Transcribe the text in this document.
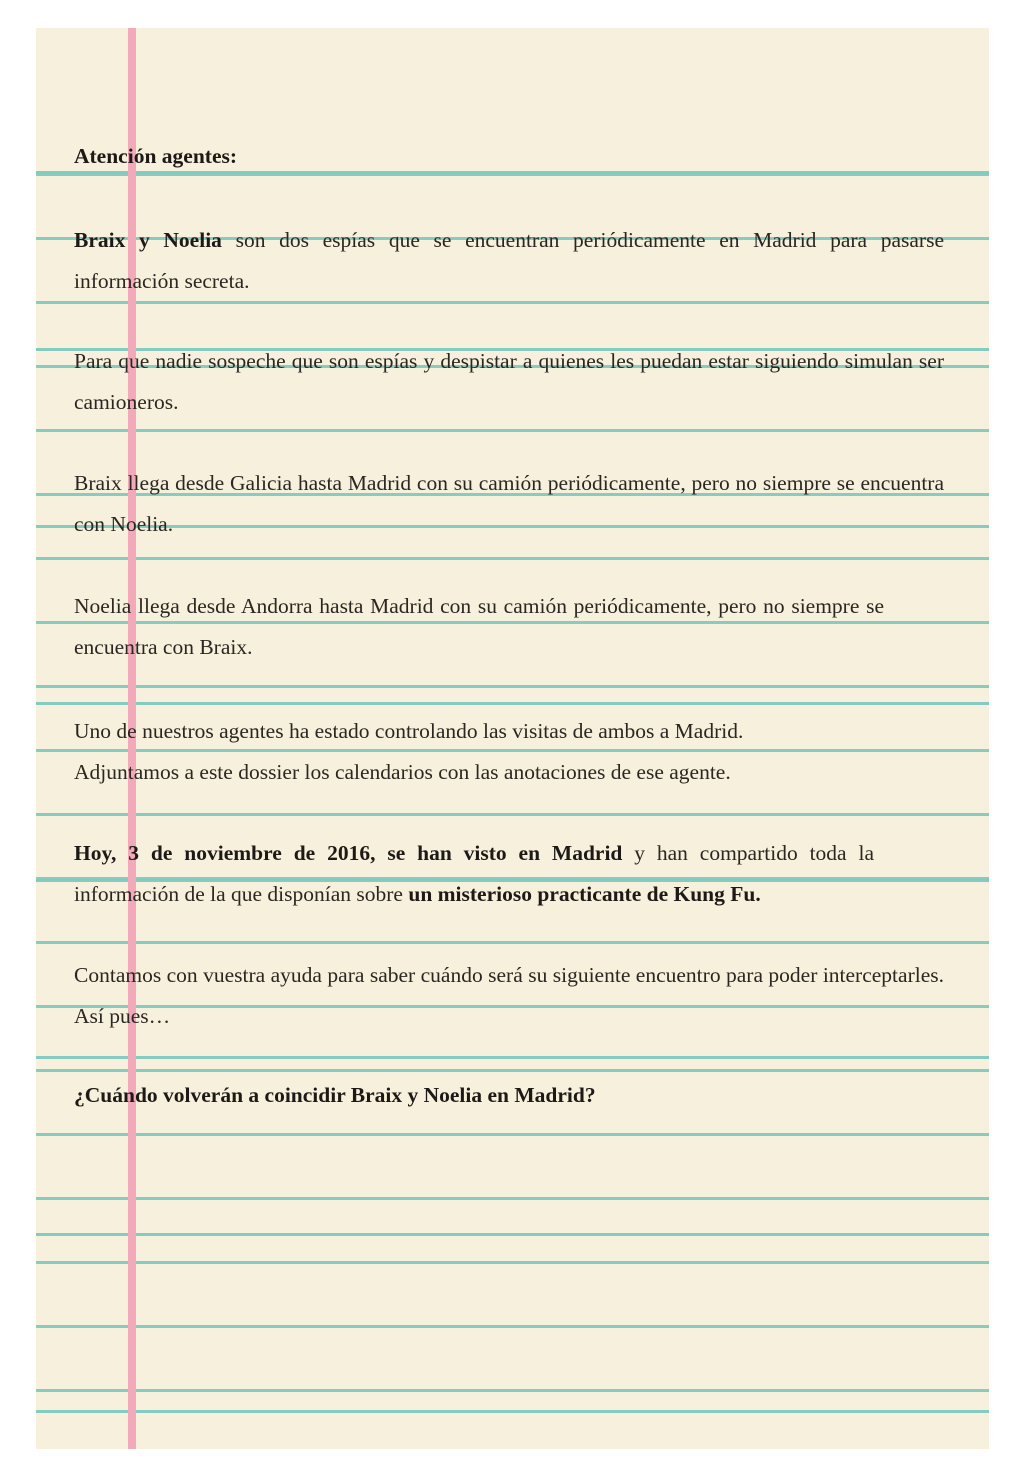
Atención agentes:

Braix y Noelia son dos espías que se encuentran periódicamente en Madrid para pasarse información secreta.

Para que nadie sospeche que son espías y despistar a quienes les puedan estar siguiendo simulan ser camioneros.

Braix llega desde Galicia hasta Madrid con su camión periódicamente, pero no siempre se encuentra con Noelia.

Noelia llega desde Andorra hasta Madrid con su camión periódicamente, pero no siempre se encuentra con Braix.

Uno de nuestros agentes ha estado controlando las visitas de ambos a Madrid.
Adjuntamos a este dossier los calendarios con las anotaciones de ese agente.

Hoy, 3 de noviembre de 2016, se han visto en Madrid y han compartido toda la información de la que disponían sobre un misterioso practicante de Kung Fu.

Contamos con vuestra ayuda para saber cuándo será su siguiente encuentro para poder interceptarles. Así pues…

¿Cuándo volverán a coincidir Braix y Noelia en Madrid?
